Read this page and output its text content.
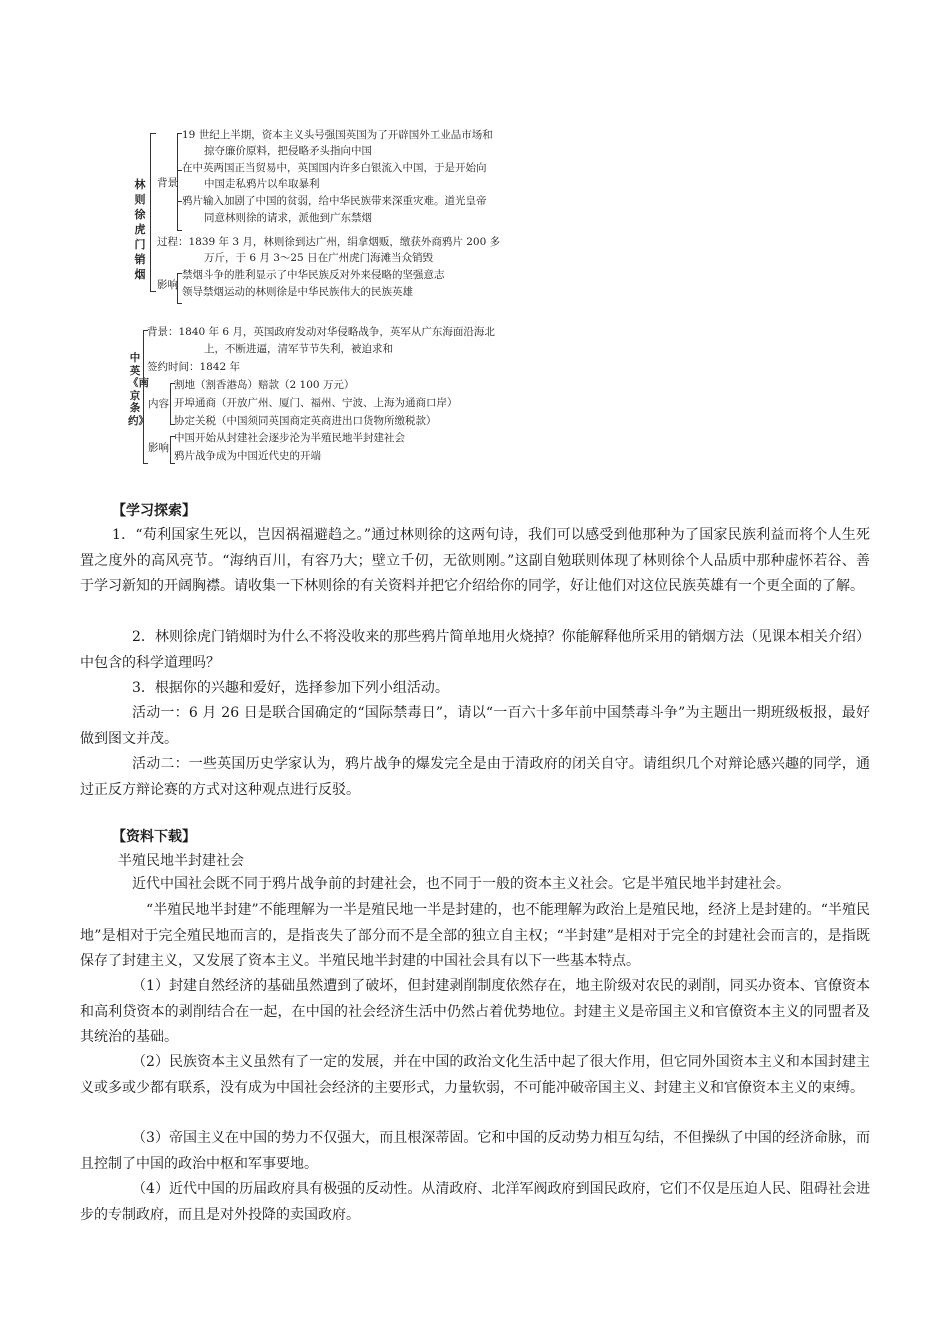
林则徐虎门销烟
背景
19 世纪上半期，资本主义头号强国英国为了开辟国外工业品市场和
掠夺廉价原料，把侵略矛头指向中国
在中英两国正当贸易中，英国国内许多白银流入中国，于是开始向
中国走私鸦片以牟取暴利
鸦片输入加剧了中国的贫弱，给中华民族带来深重灾难。道光皇帝
同意林则徐的请求，派他到广东禁烟
过程：1839 年 3 月，林则徐到达广州，绢拿烟贩，缴获外商鸦片 200 多
万斤，于 6 月 3～25 日在广州虎门海滩当众销毁
影响
禁烟斗争的胜利显示了中华民族反对外来侵略的坚强意志
领导禁烟运动的林则徐是中华民族伟大的民族英雄
中英《南京条约》
背景：1840 年 6 月，英国政府发动对华侵略战争，英军从广东海面沿海北
上，不断进逼，清军节节失利，被迫求和
签约时间：1842 年
内容
割地（割香港岛）赔款（2 100 万元）
开埠通商（开放广州、厦门、福州、宁波、上海为通商口岸）
协定关税（中国须同英国商定英商进出口货物所缴税款）
影响
中国开始从封建社会逐步沦为半殖民地半封建社会
鸦片战争成为中国近代史的开端
【学习探索】

1．“苟利国家生死以，岂因祸福避趋之。”通过林则徐的这两句诗，我们可以感受到他那种为了国家民族利益而将个人生死置之度外的高风亮节。“海纳百川，有容乃大；壁立千仞，无欲则刚。”这副自勉联则体现了林则徐个人品质中那种虚怀若谷、善于学习新知的开阔胸襟。请收集一下林则徐的有关资料并把它介绍给你的同学，好让他们对这位民族英雄有一个更全面的了解。

2．林则徐虎门销烟时为什么不将没收来的那些鸦片简单地用火烧掉？你能解释他所采用的销烟方法（见课本相关介绍）中包含的科学道理吗？

3．根据你的兴趣和爱好，选择参加下列小组活动。

活动一：6 月 26 日是联合国确定的“国际禁毒日”，请以“一百六十多年前中国禁毒斗争”为主题出一期班级板报，最好做到图文并茂。

活动二：一些英国历史学家认为，鸦片战争的爆发完全是由于清政府的闭关自守。请组织几个对辩论感兴趣的同学，通过正反方辩论赛的方式对这种观点进行反驳。

【资料下载】
半殖民地半封建社会

近代中国社会既不同于鸦片战争前的封建社会，也不同于一般的资本主义社会。它是半殖民地半封建社会。

“半殖民地半封建”不能理解为一半是殖民地一半是封建的，也不能理解为政治上是殖民地，经济上是封建的。“半殖民地”是相对于完全殖民地而言的，是指丧失了部分而不是全部的独立自主权；“半封建”是相对于完全的封建社会而言的，是指既保存了封建主义，又发展了资本主义。半殖民地半封建的中国社会具有以下一些基本特点。

（1）封建自然经济的基础虽然遭到了破坏，但封建剥削制度依然存在，地主阶级对农民的剥削，同买办资本、官僚资本和高利贷资本的剥削结合在一起，在中国的社会经济生活中仍然占着优势地位。封建主义是帝国主义和官僚资本主义的同盟者及其统治的基础。

（2）民族资本主义虽然有了一定的发展，并在中国的政治文化生活中起了很大作用，但它同外国资本主义和本国封建主义或多或少都有联系，没有成为中国社会经济的主要形式，力量软弱，不可能冲破帝国主义、封建主义和官僚资本主义的束缚。

（3）帝国主义在中国的势力不仅强大，而且根深蒂固。它和中国的反动势力相互勾结，不但操纵了中国的经济命脉，而且控制了中国的政治中枢和军事要地。

（4）近代中国的历届政府具有极强的反动性。从清政府、北洋军阀政府到国民政府，它们不仅是压迫人民、阻碍社会进步的专制政府，而且是对外投降的卖国政府。
